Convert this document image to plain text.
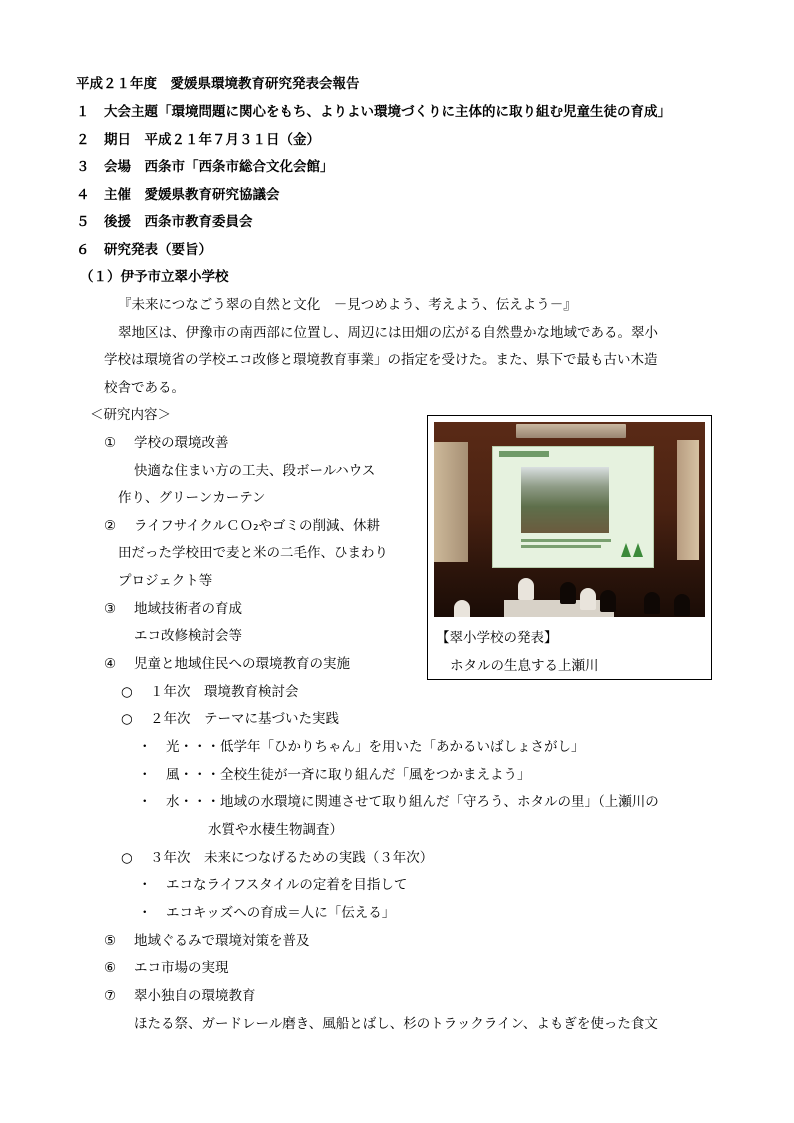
平成２１年度　愛媛県環境教育研究発表会報告
１ 大会主題「環境問題に関心をもち、よりよい環境づくりに主体的に取り組む児童生徒の育成」
２ 期日　平成２１年７月３１日（金）
３ 会場　西条市「西条市総合文化会館」
４ 主催　愛媛県教育研究協議会
５ 後援　西条市教育委員会
６ 研究発表（要旨）
（１）伊予市立翠小学校
『未来につなごう翠の自然と文化　－見つめよう、考えよう、伝えよう－』
翠地区は、伊豫市の南西部に位置し、周辺には田畑の広がる自然豊かな地域である。翠小
学校は環境省の学校エコ改修と環境教育事業」の指定を受けた。また、県下で最も古い木造
校舎である。
＜研究内容＞
① 学校の環境改善
快適な住まい方の工夫、段ボールハウス
作り、グリーンカーテン
② ライフサイクルＣＯ₂やゴミの削減、休耕
田だった学校田で麦と米の二毛作、ひまわり
プロジェクト等
③ 地域技術者の育成
エコ改修検討会等
④ 児童と地域住民への環境教育の実施
【翠小学校の発表】
ホタルの生息する上瀬川
○ １年次　環境教育検討会
○ ２年次　テーマに基づいた実践
・ 光・・・低学年「ひかりちゃん」を用いた「あかるいばしょさがし」
・ 風・・・全校生徒が一斉に取り組んだ「風をつかまえよう」
・ 水・・・地域の水環境に関連させて取り組んだ「守ろう、ホタルの里」（上瀬川の
水質や水棲生物調査）
○ ３年次　未来につなげるための実践（３年次）
・ エコなライフスタイルの定着を目指して
・ エコキッズへの育成＝人に「伝える」
⑤ 地域ぐるみで環境対策を普及
⑥ エコ市場の実現
⑦ 翠小独自の環境教育
ほたる祭、ガードレール磨き、風船とばし、杉のトラックライン、よもぎを使った食文
